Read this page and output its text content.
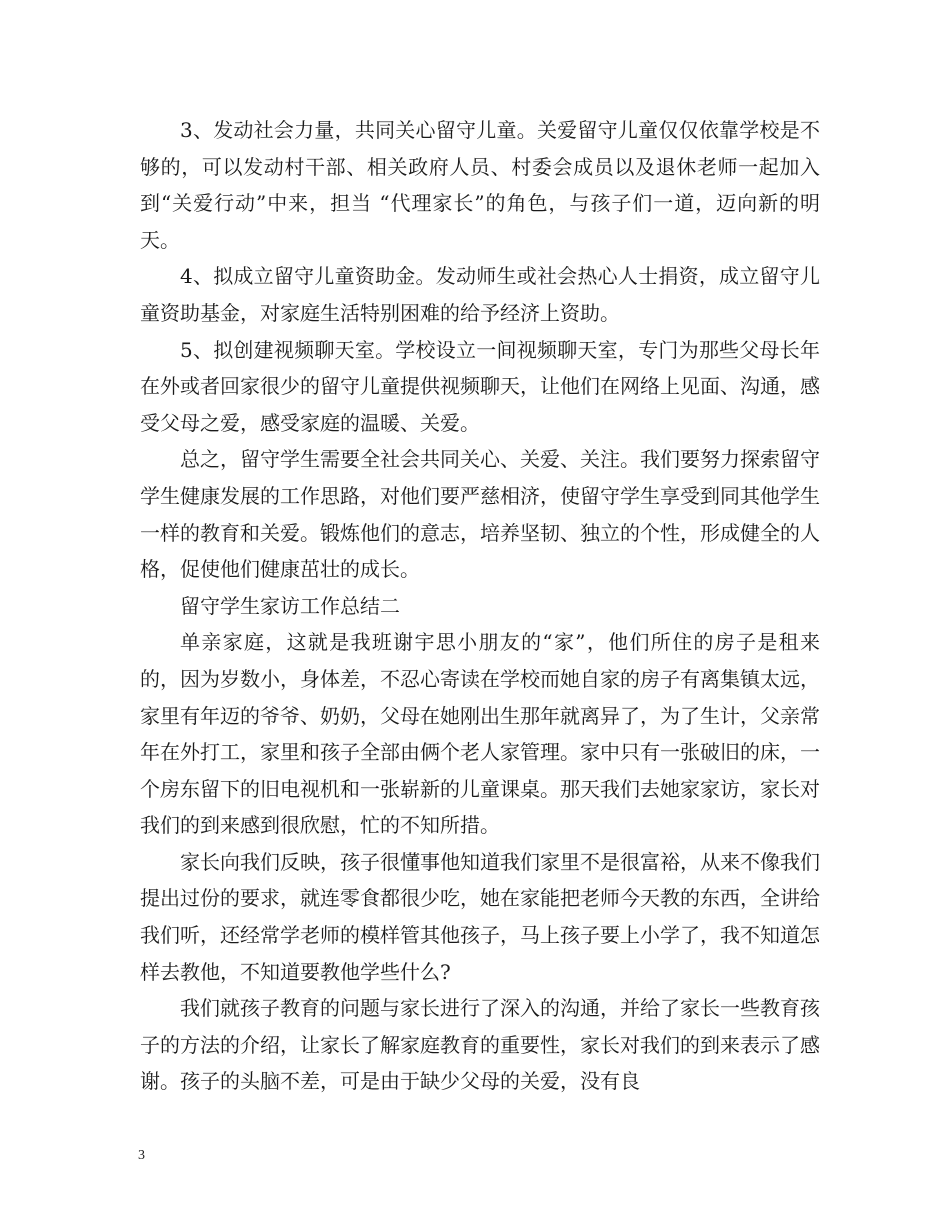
3、发动社会力量，共同关心留守儿童。关爱留守儿童仅仅依靠学校是不够的，可以发动村干部、相关政府人员、村委会成员以及退休老师一起加入到“关爱行动”中来，担当 “代理家长”的角色，与孩子们一道，迈向新的明天。

4、拟成立留守儿童资助金。发动师生或社会热心人士捐资，成立留守儿童资助基金，对家庭生活特别困难的给予经济上资助。

5、拟创建视频聊天室。学校设立一间视频聊天室，专门为那些父母长年在外或者回家很少的留守儿童提供视频聊天，让他们在网络上见面、沟通，感受父母之爱，感受家庭的温暖、关爱。

总之，留守学生需要全社会共同关心、关爱、关注。我们要努力探索留守学生健康发展的工作思路，对他们要严慈相济，使留守学生享受到同其他学生一样的教育和关爱。锻炼他们的意志，培养坚韧、独立的个性，形成健全的人格，促使他们健康茁壮的成长。

留守学生家访工作总结二

单亲家庭，这就是我班谢宇思小朋友的“家”，他们所住的房子是租来的，因为岁数小，身体差，不忍心寄读在学校而她自家的房子有离集镇太远，家里有年迈的爷爷、奶奶，父母在她刚出生那年就离异了，为了生计，父亲常年在外打工，家里和孩子全部由俩个老人家管理。家中只有一张破旧的床，一个房东留下的旧电视机和一张崭新的儿童课桌。那天我们去她家家访，家长对我们的到来感到很欣慰，忙的不知所措。

家长向我们反映，孩子很懂事他知道我们家里不是很富裕，从来不像我们提出过份的要求，就连零食都很少吃，她在家能把老师今天教的东西，全讲给我们听，还经常学老师的模样管其他孩子，马上孩子要上小学了，我不知道怎样去教他，不知道要教他学些什么?

我们就孩子教育的问题与家长进行了深入的沟通，并给了家长一些教育孩子的方法的介绍，让家长了解家庭教育的重要性，家长对我们的到来表示了感谢。孩子的头脑不差，可是由于缺少父母的关爱，没有良

3
